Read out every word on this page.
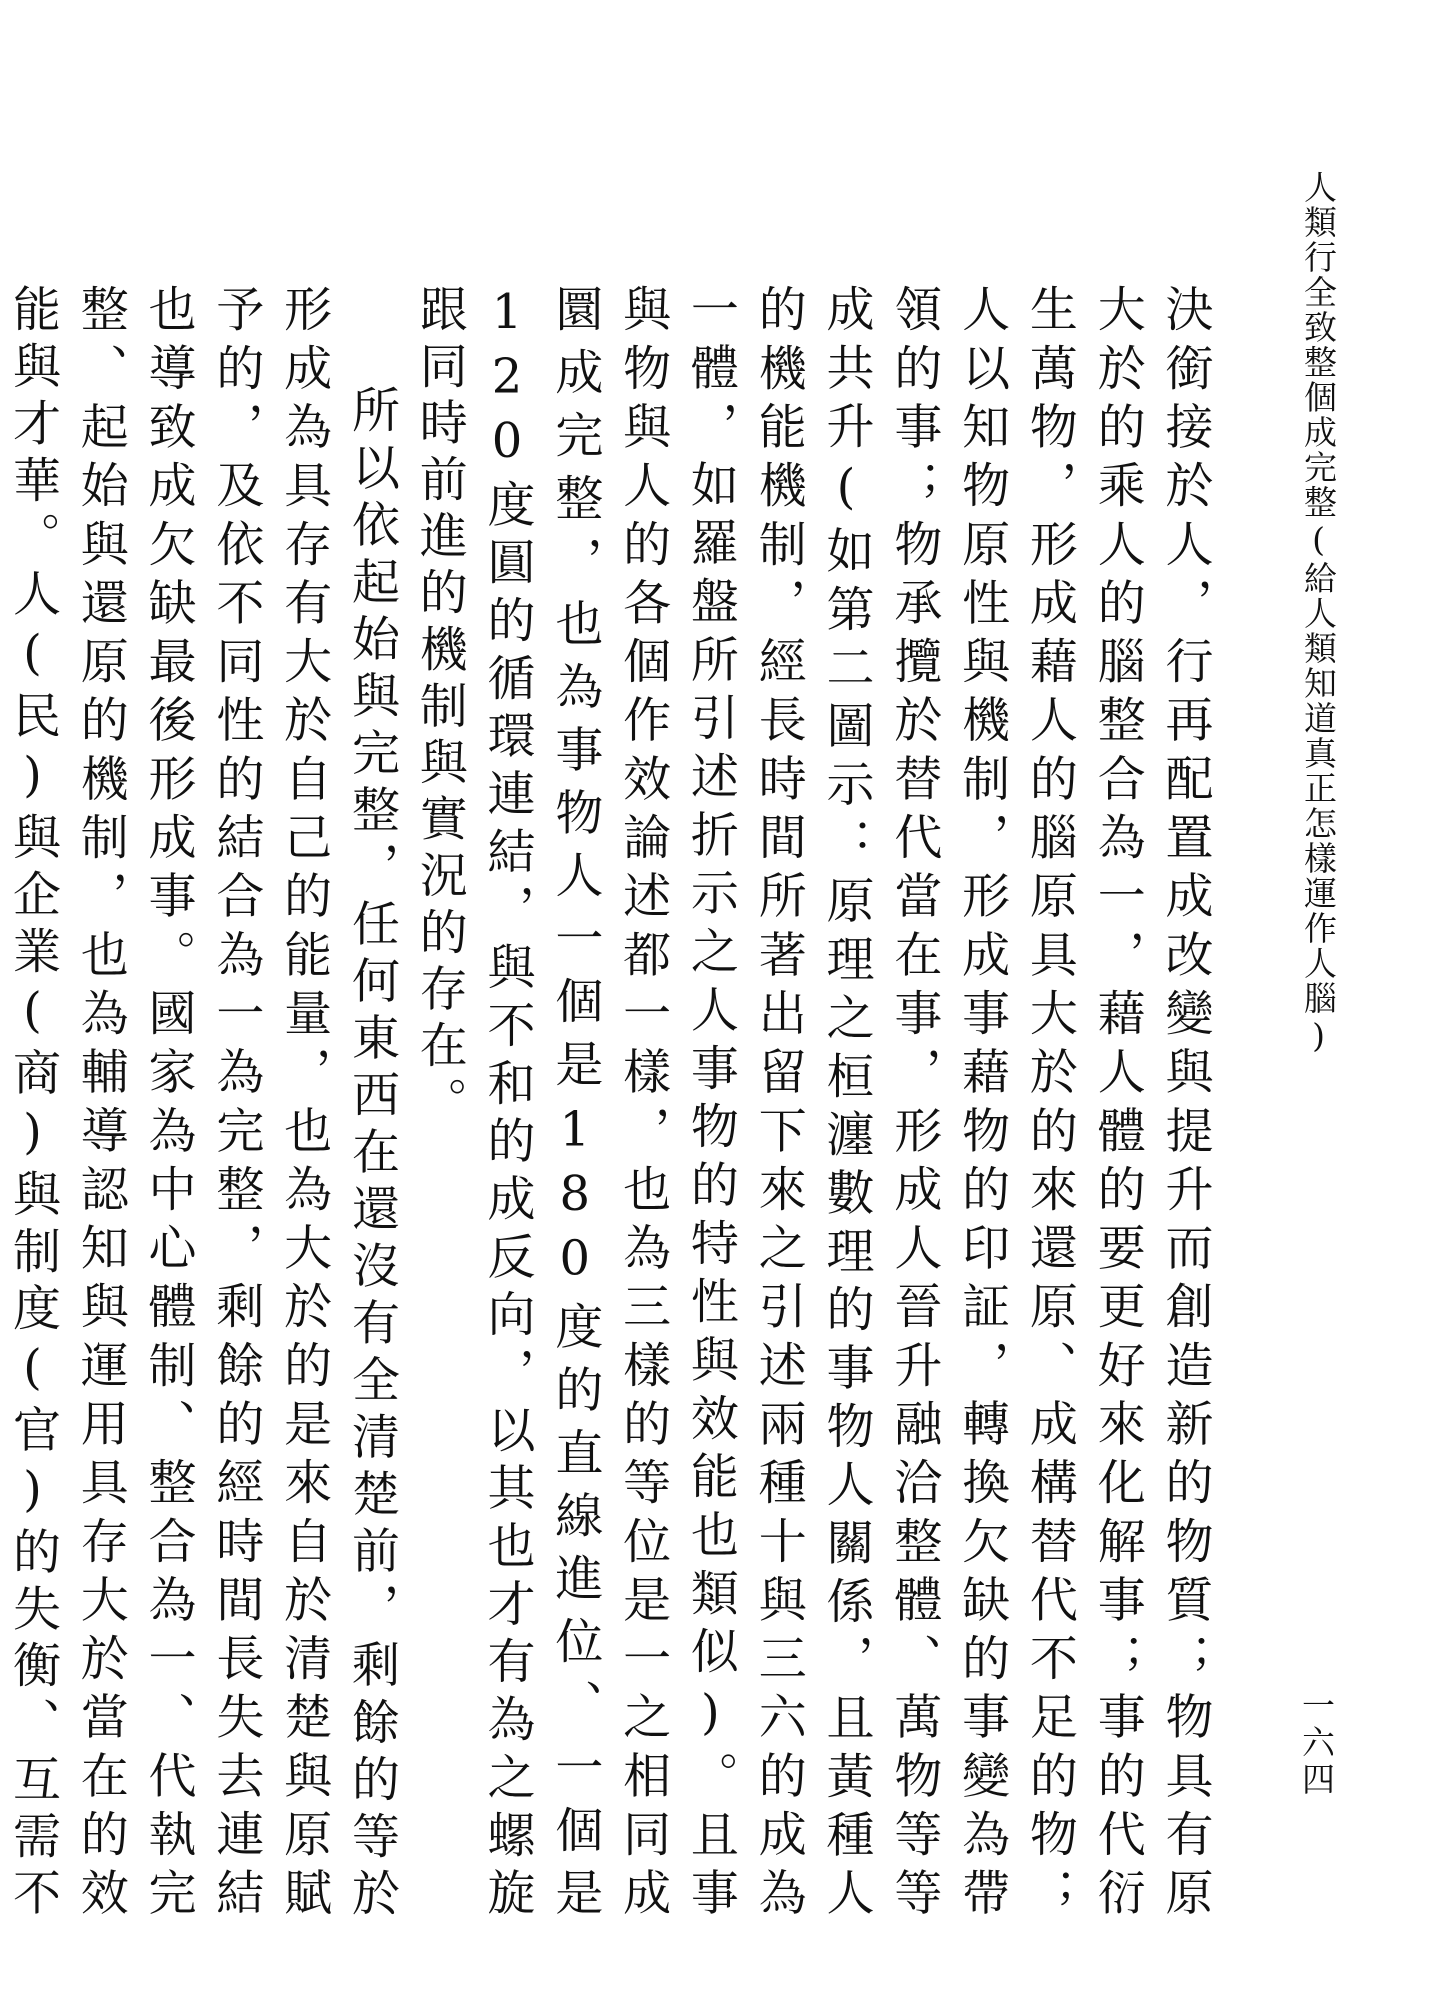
人類行全致整個成完整(給人類知道真正怎樣運作人腦)
一六四

決銜接於人，行再配置成改變與提升而創造新的物質；物具有原大於的乘人的腦整合為一，藉人體的要更好來化解事；事的代衍生萬物，形成藉人的腦原具大於的來還原、成構替代不足的物；人以知物原性與機制，形成事藉物的印証，轉換欠缺的事變為帶領的事；物承攬於替代當在事，形成人晉升融洽整體、萬物等等成共升(如第二圖示：原理之桓瀍數理的事物人關係，且黃種人的機能機制，經長時間所著出留下來之引述兩種十與三六的成為一體，如羅盤所引述折示之人事物的特性與效能也類似)。且事與物與人的各個作效論述都一樣，也為三樣的等位是一之相同成圜成完整，也為事物人一個是180度的直線進位、一個是120度圓的循環連結，與不和的成反向，以其也才有為之螺旋跟同時前進的機制與實況的存在。

所以依起始與完整，任何東西在還沒有全清楚前，剩餘的等於形成為具存有大於自己的能量，也為大於的是來自於清楚與原賦予的，及依不同性的結合為一為完整，剩餘的經時間長失去連結也導致成欠缺最後形成事。國家為中心體制、整合為一、代執完整、起始與還原的機制，也為輔導認知與運用具存大於當在的效能與才華。人(民)與企業(商)與制度(官)的失衡、互需不
